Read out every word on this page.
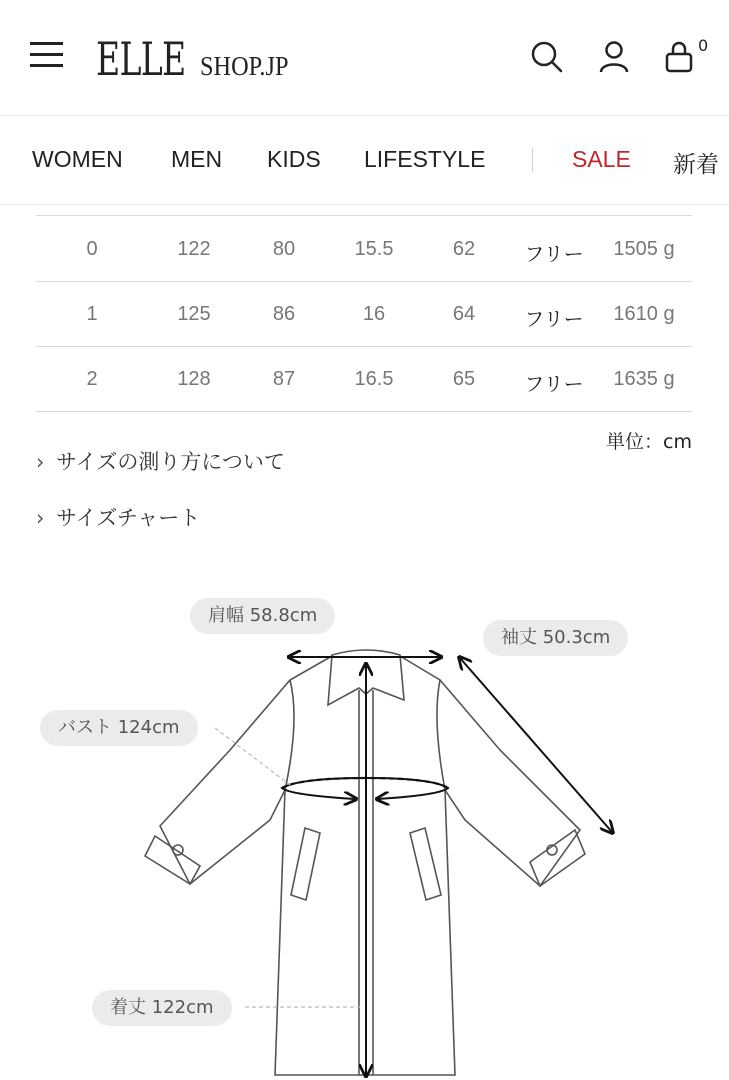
ELLE SHOP.JP
0
WOMEN MEN KIDS LIFESTYLE	SALE 新着
0	122	80	15.5	62	フリー	1505 g
1	125	86	16	64	フリー	1610 g
2	128	87	16.5	65	フリー	1635 g
単位：cm
› サイズの測り方について
› サイズチャート
肩幅 58.8cm
袖丈 50.3cm
バスト 124cm
着丈 122cm
